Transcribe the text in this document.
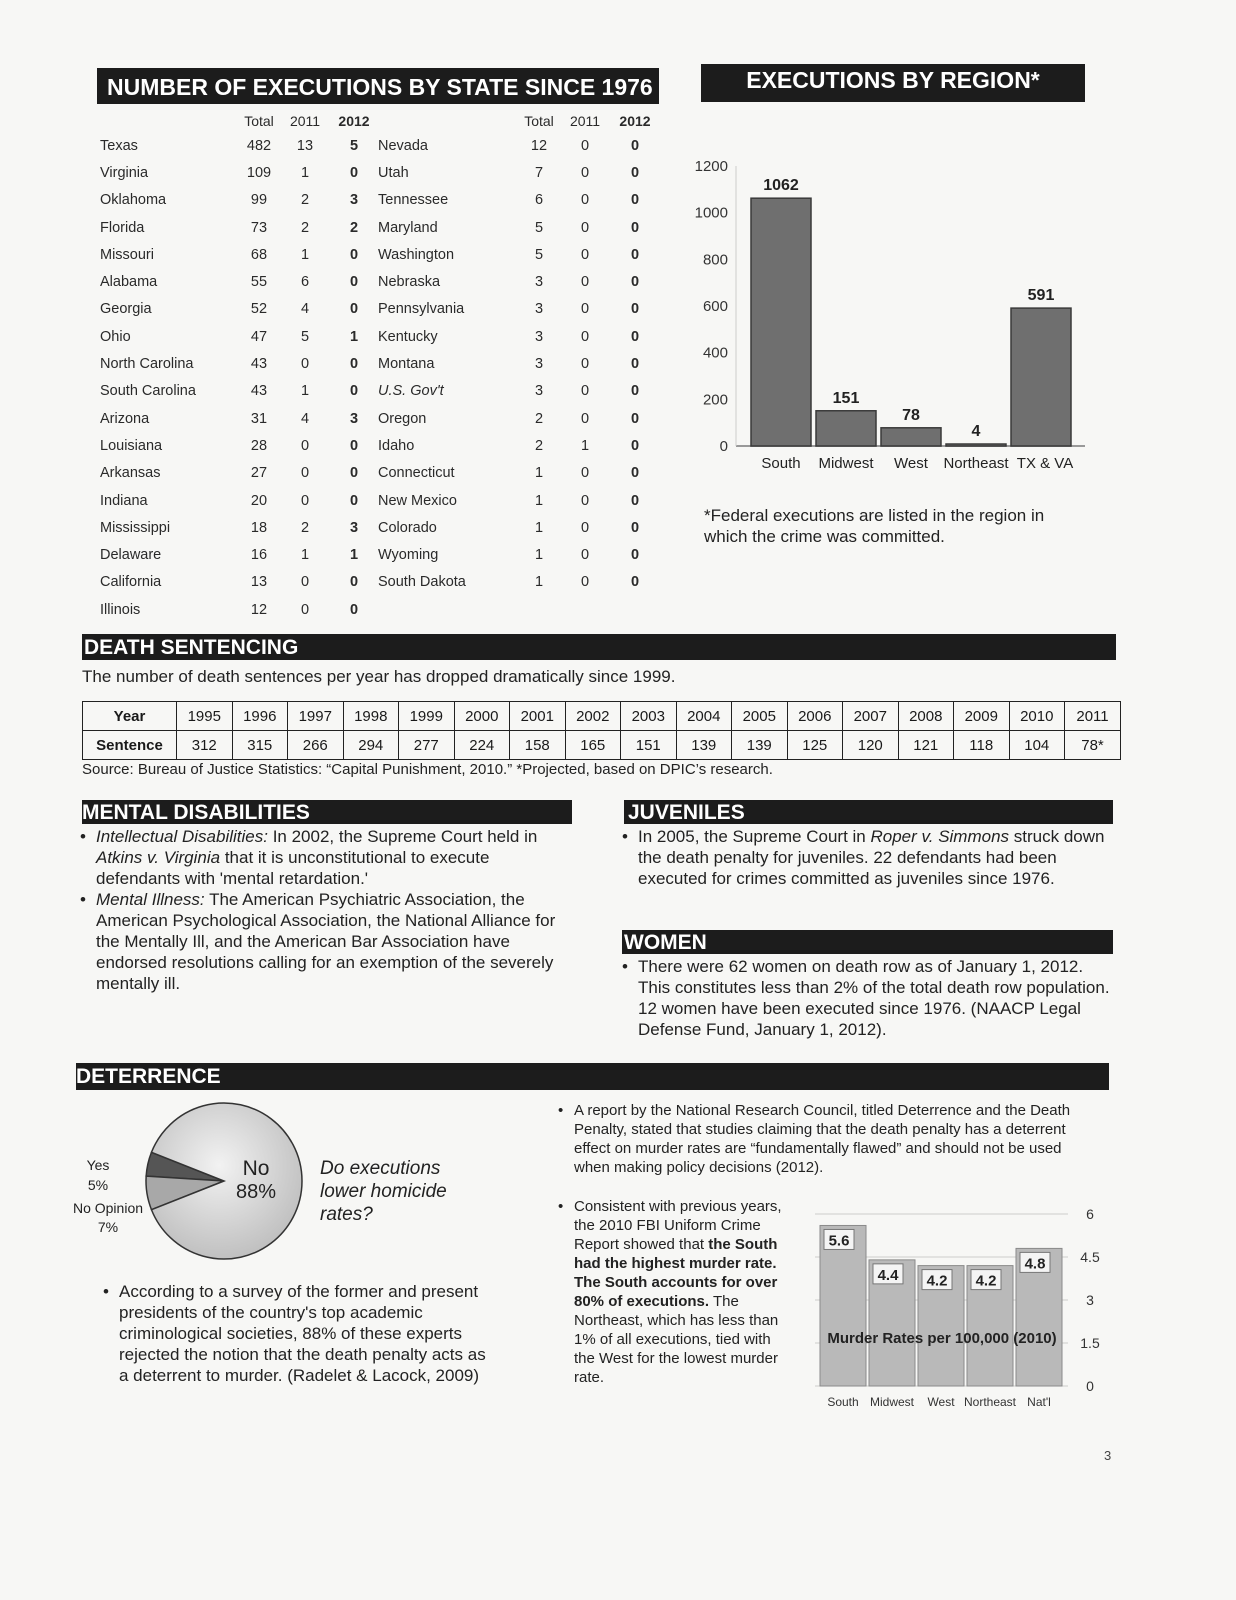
NUMBER OF EXECUTIONS BY STATE SINCE 1976
	Total	2011	2012		Total	2011	2012
Texas	482	13	5	Nevada	12	0	0
Virginia	109	1	0	Utah	7	0	0
Oklahoma	99	2	3	Tennessee	6	0	0
Florida	73	2	2	Maryland	5	0	0
Missouri	68	1	0	Washington	5	0	0
Alabama	55	6	0	Nebraska	3	0	0
Georgia	52	4	0	Pennsylvania	3	0	0
Ohio	47	5	1	Kentucky	3	0	0
North Carolina	43	0	0	Montana	3	0	0
South Carolina	43	1	0	U.S. Gov't	3	0	0
Arizona	31	4	3	Oregon	2	0	0
Louisiana	28	0	0	Idaho	2	1	0
Arkansas	27	0	0	Connecticut	1	0	0
Indiana	20	0	0	New Mexico	1	0	0
Mississippi	18	2	3	Colorado	1	0	0
Delaware	16	1	1	Wyoming	1	0	0
California	13	0	0	South Dakota	1	0	0
Illinois	12	0	0				
EXECUTIONS BY REGION*
0
200
400
600
800
1000
1200
1062
South
151
Midwest
78
West
4
Northeast
591
TX & VA
*Federal executions are listed in the region in which the crime was committed.
DEATH SENTENCING
The number of death sentences per year has dropped dramatically since 1999.
Year	1995	1996	1997	1998	1999	2000	2001	2002	2003	2004	2005	2006	2007	2008	2009	2010	2011
Sentence	312	315	266	294	277	224	158	165	151	139	139	125	120	121	118	104	78*
Source: Bureau of Justice Statistics: “Capital Punishment, 2010.” *Projected, based on DPIC’s research.
MENTAL DISABILITIES

• Intellectual Disabilities: In 2002, the Supreme Court held in Atkins v. Virginia that it is unconstitutional to execute defendants with 'mental retardation.'

• Mental Illness: The American Psychiatric Association, the American Psychological Association, the National Alliance for the Mentally Ill, and the American Bar Association have endorsed resolutions calling for an exemption of the severely mentally ill.

JUVENILES

• In 2005, the Supreme Court in Roper v. Simmons struck down the death penalty for juveniles. 22 defendants had been executed for crimes committed as juveniles since 1976.

WOMEN

• There were 62 women on death row as of January 1, 2012. This constitutes less than 2% of the total death row population. 12 women have been executed since 1976. (NAACP Legal Defense Fund, January 1, 2012).

DETERRENCE
No
88%
Yes
5%
No Opinion
7%
Do executions lower homicide rates?

• According to a survey of the former and present presidents of the country's top academic criminological societies, 88% of these experts rejected the notion that the death penalty acts as a deterrent to murder. (Radelet & Lacock, 2009)

• A report by the National Research Council, titled Deterrence and the Death Penalty, stated that studies claiming that the death penalty has a deterrent effect on murder rates are “fundamentally flawed” and should not be used when making policy decisions (2012).

• Consistent with previous years, the 2010 FBI Uniform Crime Report showed that the South had the highest murder rate. The South accounts for over 80% of executions. The Northeast, which has less than 1% of all executions, tied with the West for the lowest murder rate.	0
1.5
3
4.5
6
5.6
South
4.4
Midwest
4.2
West
4.2
Northeast
4.8
Nat'l
Murder Rates per 100,000 (2010)
3
